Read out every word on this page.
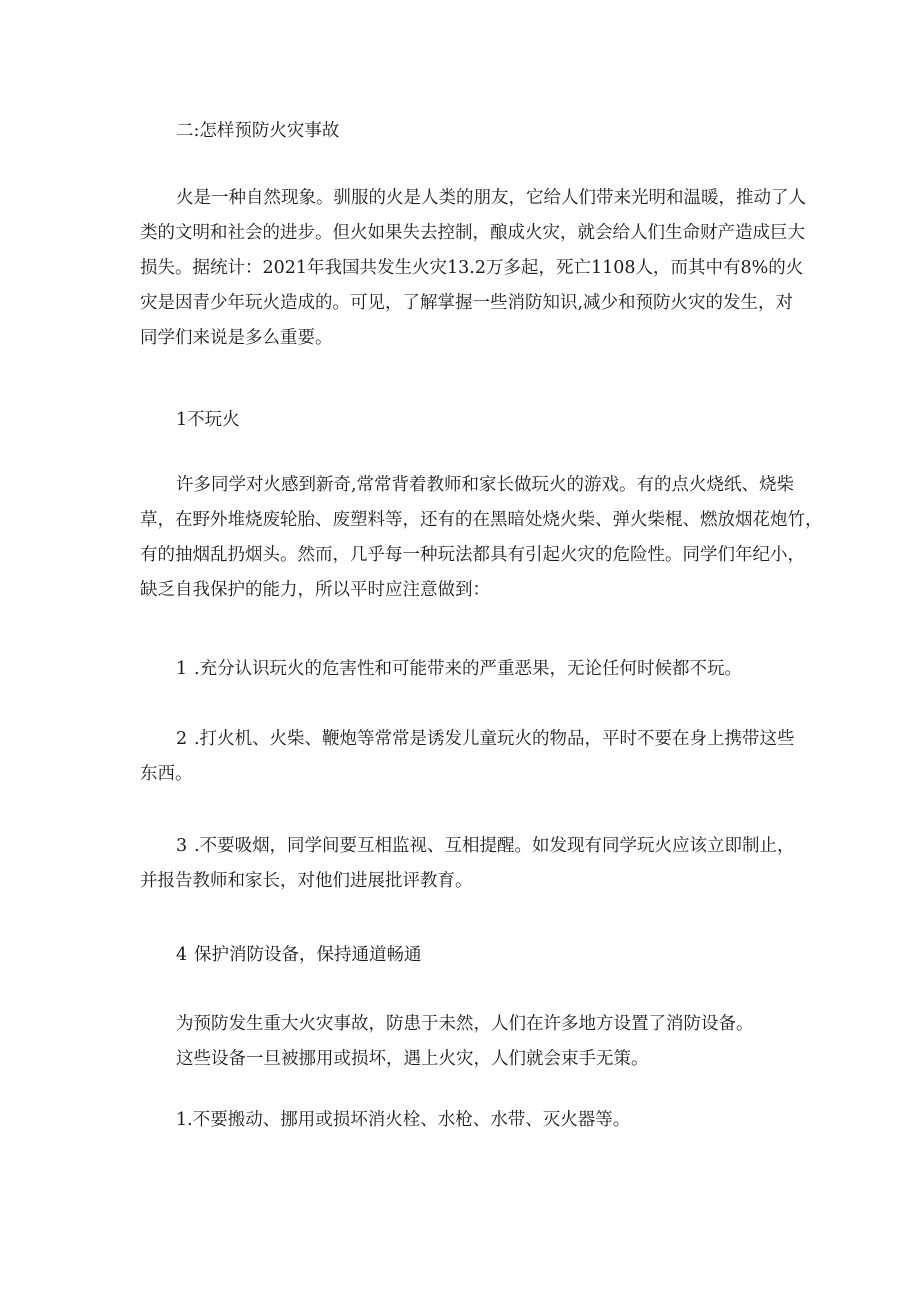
二:怎样预防火灾事故

火是一种自然现象。驯服的火是人类的朋友，它给人们带来光明和温暖，推动了人
类的文明和社会的进步。但火如果失去控制，酿成火灾，就会给人们生命财产造成巨大
损失。据统计：2021年我国共发生火灾13.2万多起，死亡1108人，而其中有8%的火
灾是因青少年玩火造成的。可见，了解掌握一些消防知识,减少和预防火灾的发生，对
同学们来说是多么重要。

1不玩火

许多同学对火感到新奇,常常背着教师和家长做玩火的游戏。有的点火烧纸、烧柴
草，在野外堆烧废轮胎、废塑料等，还有的在黑暗处烧火柴、弹火柴棍、燃放烟花炮竹，
有的抽烟乱扔烟头。然而，几乎每一种玩法都具有引起火灾的危险性。同学们年纪小，
缺乏自我保护的能力，所以平时应注意做到：
1 .充分认识玩火的危害性和可能带来的严重恶果，无论任何时候都不玩。
2 .打火机、火柴、鞭炮等常常是诱发儿童玩火的物品，平时不要在身上携带这些
东西。
3 .不要吸烟，同学间要互相监视、互相提醒。如发现有同学玩火应该立即制止，
并报告教师和家长，对他们进展批评教育。

4 保护消防设备，保持通道畅通

为预防发生重大火灾事故，防患于未然，人们在许多地方设置了消防设备。
这些设备一旦被挪用或损坏，遇上火灾，人们就会束手无策。

1.不要搬动、挪用或损坏消火栓、水枪、水带、灭火器等。
